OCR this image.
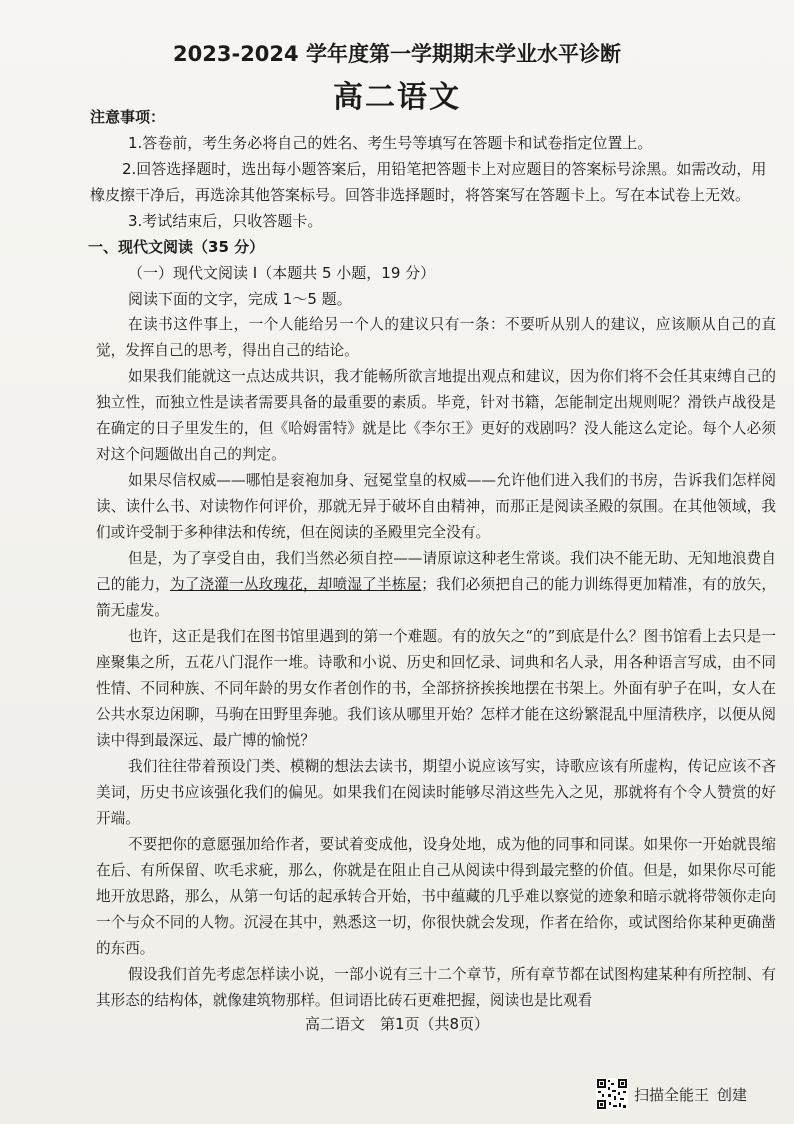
2023-2024 学年度第一学期期末学业水平诊断
高二语文
注意事项：
1.答卷前，考生务必将自己的姓名、考生号等填写在答题卡和试卷指定位置上。
2.回答选择题时，选出每小题答案后，用铅笔把答题卡上对应题目的答案标号涂黑。如需改动，用橡皮擦干净后，再选涂其他答案标号。回答非选择题时，将答案写在答题卡上。写在本试卷上无效。
3.考试结束后，只收答题卡。
一、现代文阅读（35 分）
（一）现代文阅读 I（本题共 5 小题，19 分）
阅读下面的文字，完成 1～5 题。
在读书这件事上，一个人能给另一个人的建议只有一条：不要听从别人的建议，应该顺从自己的直觉，发挥自己的思考，得出自己的结论。
如果我们能就这一点达成共识，我才能畅所欲言地提出观点和建议，因为你们将不会任其束缚自己的独立性，而独立性是读者需要具备的最重要的素质。毕竟，针对书籍，怎能制定出规则呢？滑铁卢战役是在确定的日子里发生的，但《哈姆雷特》就是比《李尔王》更好的戏剧吗？没人能这么定论。每个人必须对这个问题做出自己的判定。
如果尽信权威——哪怕是衮袍加身、冠冕堂皇的权威——允许他们进入我们的书房，告诉我们怎样阅读、读什么书、对读物作何评价，那就无异于破坏自由精神，而那正是阅读圣殿的氛围。在其他领域，我们或许受制于多种律法和传统，但在阅读的圣殿里完全没有。
但是，为了享受自由，我们当然必须自控——请原谅这种老生常谈。我们决不能无助、无知地浪费自己的能力，为了浇灌一丛玫瑰花，却喷湿了半栋屋；我们必须把自己的能力训练得更加精准，有的放矢，箭无虚发。
也许，这正是我们在图书馆里遇到的第一个难题。有的放矢之“的”到底是什么？图书馆看上去只是一座聚集之所，五花八门混作一堆。诗歌和小说、历史和回忆录、词典和名人录，用各种语言写成，由不同性情、不同种族、不同年龄的男女作者创作的书，全部挤挤挨挨地摆在书架上。外面有驴子在叫，女人在公共水泵边闲聊，马驹在田野里奔驰。我们该从哪里开始？怎样才能在这纷繁混乱中厘清秩序，以便从阅读中得到最深远、最广博的愉悦？
我们往往带着预设门类、模糊的想法去读书，期望小说应该写实，诗歌应该有所虚构，传记应该不吝美词，历史书应该强化我们的偏见。如果我们在阅读时能够尽消这些先入之见，那就将有个令人赞赏的好开端。
不要把你的意愿强加给作者，要试着变成他，设身处地，成为他的同事和同谋。如果你一开始就畏缩在后、有所保留、吹毛求疵，那么，你就是在阻止自己从阅读中得到最完整的价值。但是，如果你尽可能地开放思路，那么，从第一句话的起承转合开始，书中蕴藏的几乎难以察觉的迹象和暗示就将带领你走向一个与众不同的人物。沉浸在其中，熟悉这一切，你很快就会发现，作者在给你，或试图给你某种更确凿的东西。
假设我们首先考虑怎样读小说，一部小说有三十二个章节，所有章节都在试图构建某种有所控制、有其形态的结构体，就像建筑物那样。但词语比砖石更难把握，阅读也是比观看
高二语文　第1页（共8页）
扫描全能王 创建
